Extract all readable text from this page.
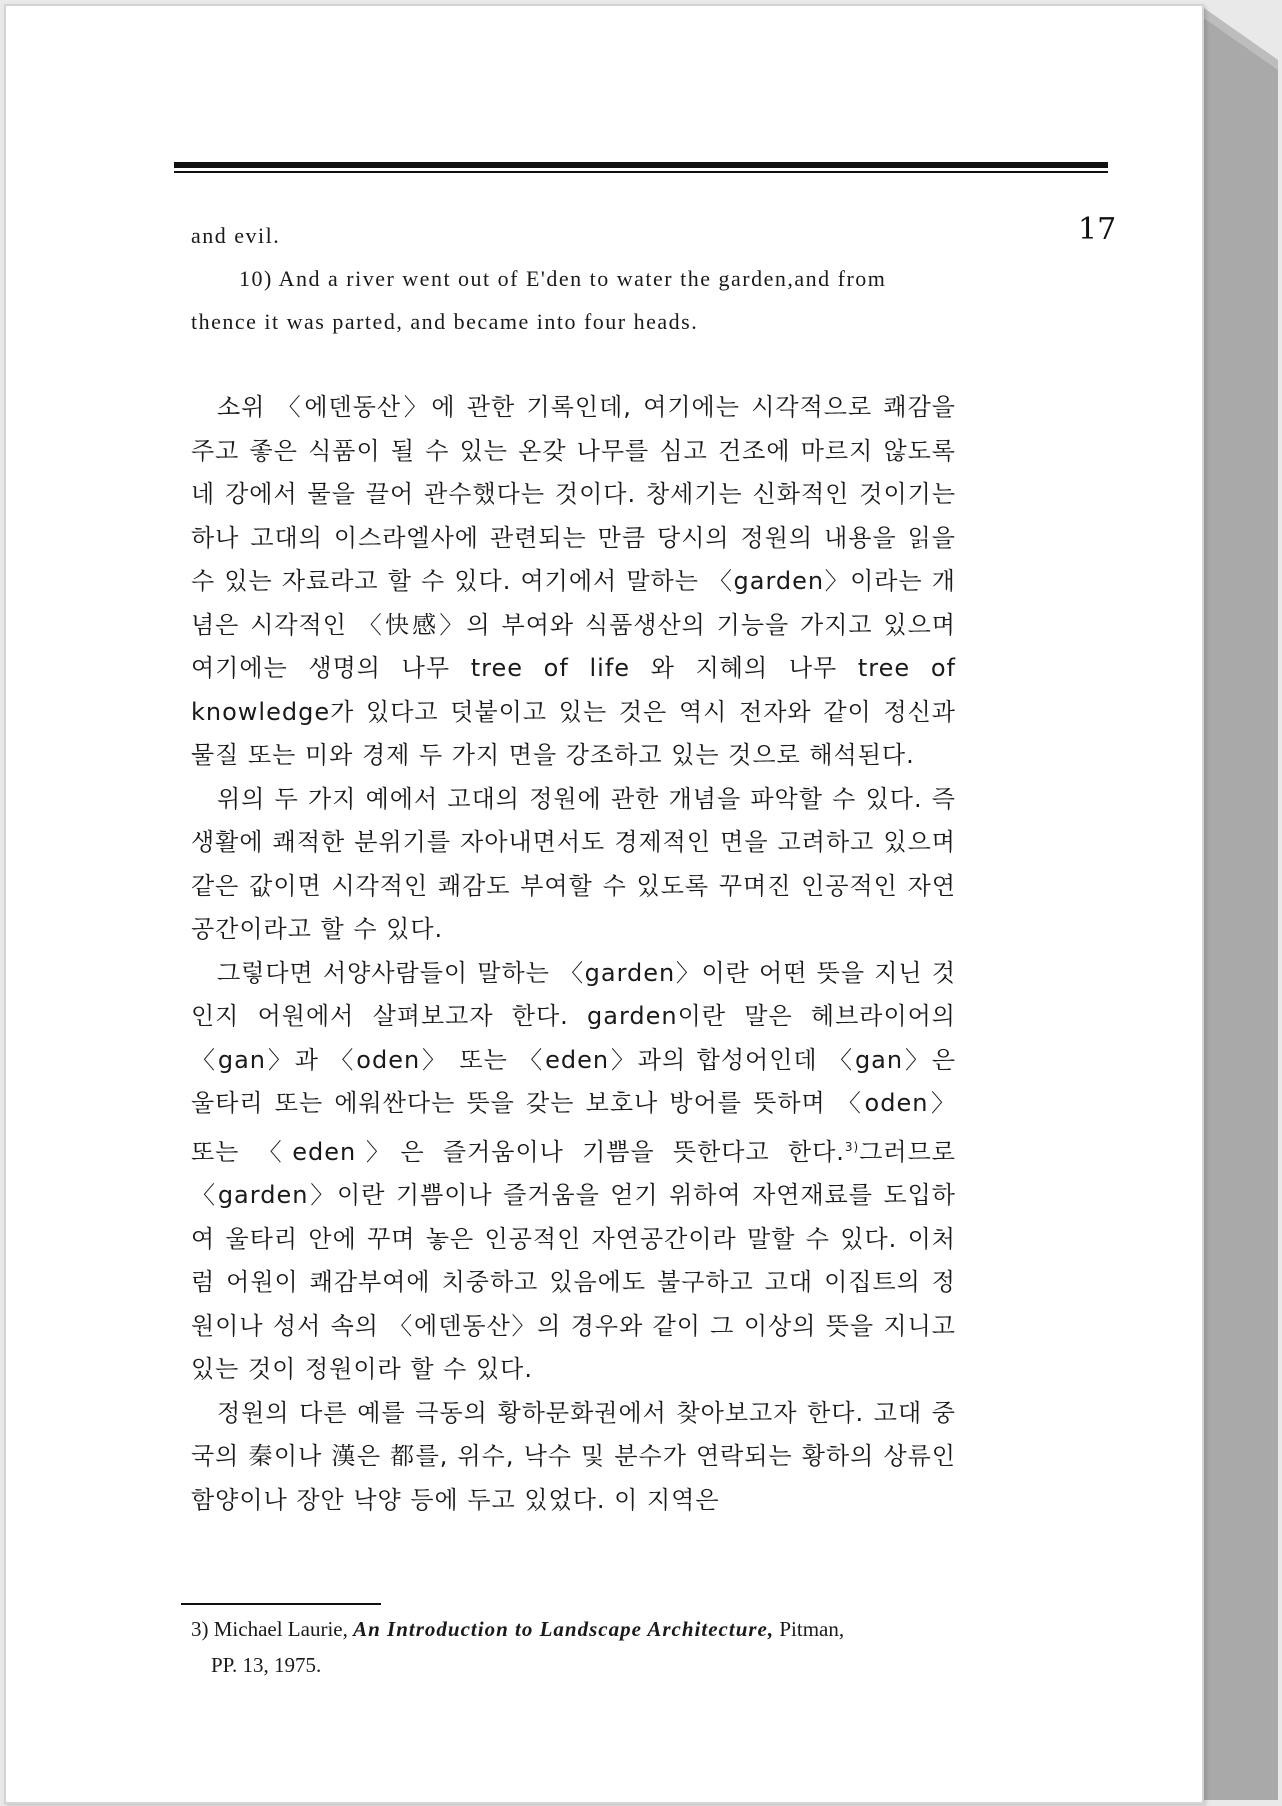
17

and evil.

10) And a river went out of E'den to water the garden,and from

thence it was parted, and became into four heads.

소위 〈에덴동산〉에 관한 기록인데, 여기에는 시각적으로 쾌감을 주고 좋은 식품이 될 수 있는 온갖 나무를 심고 건조에 마르지 않도록 네 강에서 물을 끌어 관수했다는 것이다. 창세기는 신화적인 것이기는 하나 고대의 이스라엘사에 관련되는 만큼 당시의 정원의 내용을 읽을 수 있는 자료라고 할 수 있다. 여기에서 말하는 〈garden〉이라는 개념은 시각적인 〈快感〉의 부여와 식품생산의 기능을 가지고 있으며 여기에는 생명의 나무 tree of life 와 지혜의 나무 tree of knowledge가 있다고 덧붙이고 있는 것은 역시 전자와 같이 정신과 물질 또는 미와 경제 두 가지 면을 강조하고 있는 것으로 해석된다.

위의 두 가지 예에서 고대의 정원에 관한 개념을 파악할 수 있다. 즉 생활에 쾌적한 분위기를 자아내면서도 경제적인 면을 고려하고 있으며 같은 값이면 시각적인 쾌감도 부여할 수 있도록 꾸며진 인공적인 자연공간이라고 할 수 있다.

그렇다면 서양사람들이 말하는 〈garden〉이란 어떤 뜻을 지닌 것인지 어원에서 살펴보고자 한다. garden이란 말은 헤브라이어의 〈gan〉과 〈oden〉 또는 〈eden〉과의 합성어인데 〈gan〉은 울타리 또는 에워싼다는 뜻을 갖는 보호나 방어를 뜻하며 〈oden〉 또는 〈eden〉은 즐거움이나 기쁨을 뜻한다고 한다.$^{3)}$그러므로 〈garden〉이란 기쁨이나 즐거움을 얻기 위하여 자연재료를 도입하여 울타리 안에 꾸며 놓은 인공적인 자연공간이라 말할 수 있다. 이처럼 어원이 쾌감부여에 치중하고 있음에도 불구하고 고대 이집트의 정원이나 성서 속의 〈에덴동산〉의 경우와 같이 그 이상의 뜻을 지니고 있는 것이 정원이라 할 수 있다.

정원의 다른 예를 극동의 황하문화권에서 찾아보고자 한다. 고대 중국의 秦이나 漢은 都를, 위수, 낙수 및 분수가 연락되는 황하의 상류인 함양이나 장안 낙양 등에 두고 있었다. 이 지역은

3) Michael Laurie, An Introduction to Landscape Architecture, Pitman,
PP. 13, 1975.
